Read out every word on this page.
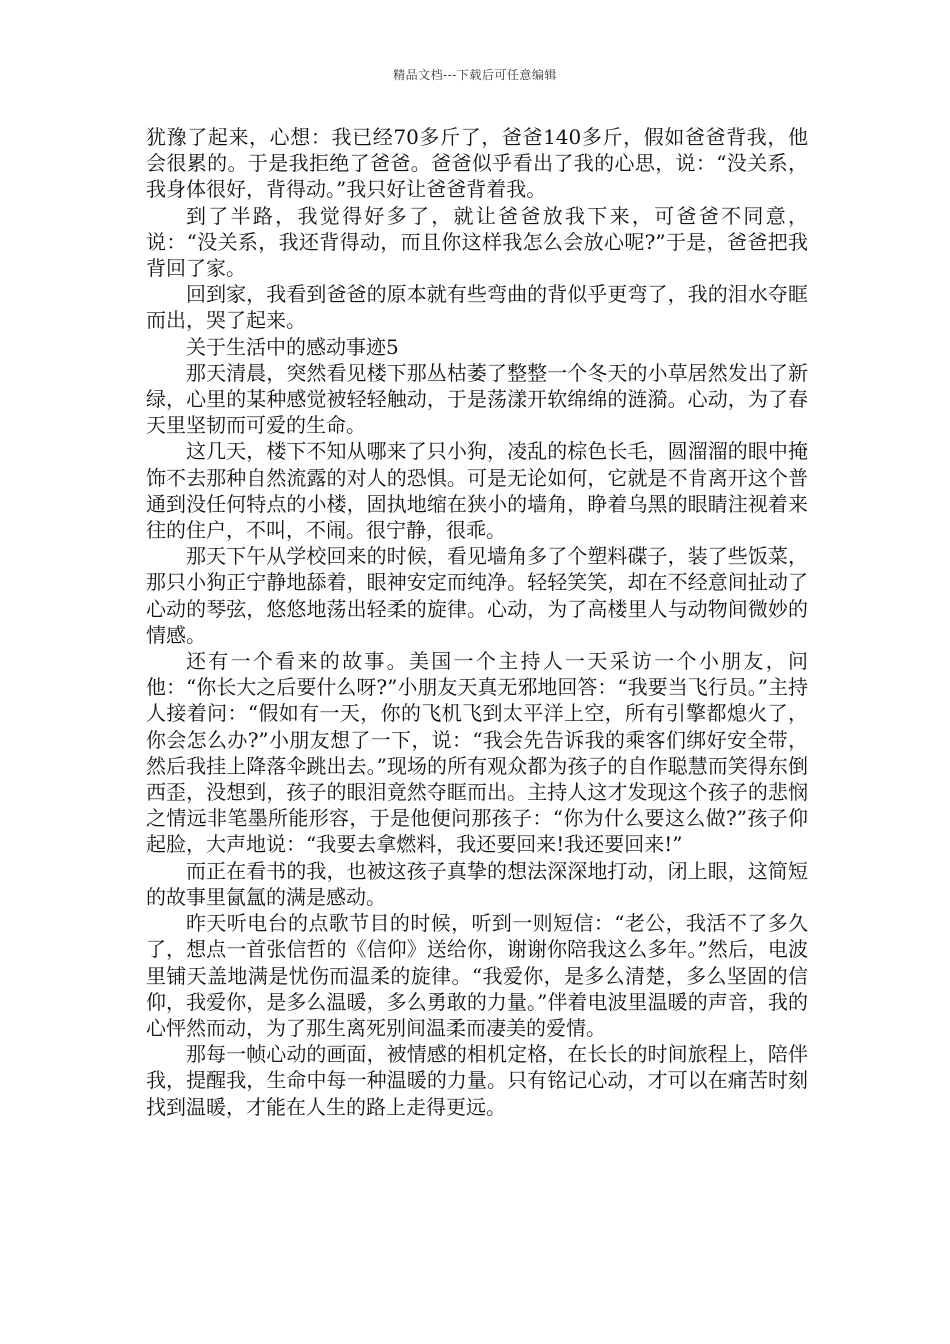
精品文档---下载后可任意编辑

犹豫了起来，心想：我已经70多斤了，爸爸140多斤，假如爸爸背我，他会很累的。于是我拒绝了爸爸。爸爸似乎看出了我的心思，说：“没关系，我身体很好，背得动。”我只好让爸爸背着我。

到了半路，我觉得好多了，就让爸爸放我下来，可爸爸不同意，说：“没关系，我还背得动，而且你这样我怎么会放心呢?”于是，爸爸把我背回了家。

回到家，我看到爸爸的原本就有些弯曲的背似乎更弯了，我的泪水夺眶而出，哭了起来。

关于生活中的感动事迹5

那天清晨，突然看见楼下那丛枯萎了整整一个冬天的小草居然发出了新绿，心里的某种感觉被轻轻触动，于是荡漾开软绵绵的涟漪。心动，为了春天里坚韧而可爱的生命。

这几天，楼下不知从哪来了只小狗，凌乱的棕色长毛，圆溜溜的眼中掩饰不去那种自然流露的对人的恐惧。可是无论如何，它就是不肯离开这个普通到没任何特点的小楼，固执地缩在狭小的墙角，睁着乌黑的眼睛注视着来往的住户，不叫，不闹。很宁静，很乖。

那天下午从学校回来的时候，看见墙角多了个塑料碟子，装了些饭菜，那只小狗正宁静地舔着，眼神安定而纯净。轻轻笑笑，却在不经意间扯动了心动的琴弦，悠悠地荡出轻柔的旋律。心动，为了高楼里人与动物间微妙的情感。

还有一个看来的故事。美国一个主持人一天采访一个小朋友，问他：“你长大之后要什么呀?”小朋友天真无邪地回答：“我要当飞行员。”主持人接着问：“假如有一天，你的飞机飞到太平洋上空，所有引擎都熄火了，你会怎么办?”小朋友想了一下，说：“我会先告诉我的乘客们绑好安全带，然后我挂上降落伞跳出去。”现场的所有观众都为孩子的自作聪慧而笑得东倒西歪，没想到，孩子的眼泪竟然夺眶而出。主持人这才发现这个孩子的悲悯之情远非笔墨所能形容，于是他便问那孩子：“你为什么要这么做?”孩子仰起脸，大声地说：“我要去拿燃料，我还要回来!我还要回来!”

而正在看书的我，也被这孩子真挚的想法深深地打动，闭上眼，这简短的故事里氤氲的满是感动。

昨天听电台的点歌节目的时候，听到一则短信：“老公，我活不了多久了，想点一首张信哲的《信仰》送给你，谢谢你陪我这么多年。”然后，电波里铺天盖地满是忧伤而温柔的旋律。“我爱你，是多么清楚，多么坚固的信仰，我爱你，是多么温暖，多么勇敢的力量。”伴着电波里温暖的声音，我的心怦然而动，为了那生离死别间温柔而凄美的爱情。

那每一帧心动的画面，被情感的相机定格，在长长的时间旅程上，陪伴我，提醒我，生命中每一种温暖的力量。只有铭记心动，才可以在痛苦时刻找到温暖，才能在人生的路上走得更远。
